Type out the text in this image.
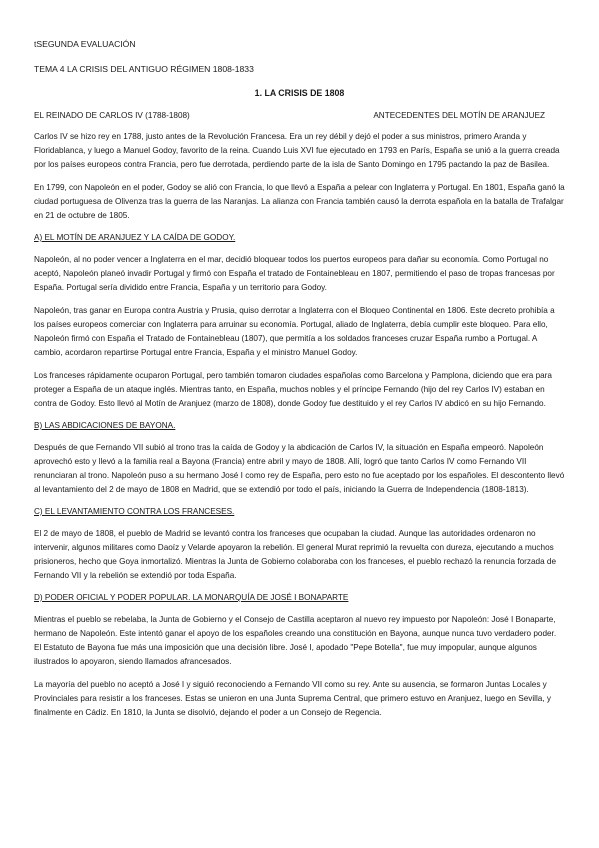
tSEGUNDA EVALUACIÓN
TEMA 4 LA CRISIS DEL ANTIGUO RÉGIMEN 1808-1833
1. LA CRISIS DE 1808
EL REINADO DE CARLOS IV (1788-1808)	ANTECEDENTES DEL MOTÍN DE ARANJUEZ

Carlos IV se hizo rey en 1788, justo antes de la Revolución Francesa. Era un rey débil y dejó el poder a sus ministros, primero Aranda y Floridablanca, y luego a Manuel Godoy, favorito de la reina. Cuando Luis XVI fue ejecutado en 1793 en París, España se unió a la guerra creada por los países europeos contra Francia, pero fue derrotada, perdiendo parte de la isla de Santo Domingo en 1795 pactando la paz de Basilea.

En 1799, con Napoleón en el poder, Godoy se alió con Francia, lo que llevó a España a pelear con Inglaterra y Portugal. En 1801, España ganó la ciudad portuguesa de Olivenza tras la guerra de las Naranjas. La alianza con Francia también causó la derrota española en la batalla de Trafalgar en 21 de octubre de 1805.

A) EL MOTÍN DE ARANJUEZ Y LA CAÍDA DE GODOY.

Napoleón, al no poder vencer a Inglaterra en el mar, decidió bloquear todos los puertos europeos para dañar su economía. Como Portugal no aceptó, Napoleón planeó invadir Portugal y firmó con España el tratado de Fontainebleau en 1807, permitiendo el paso de tropas francesas por España. Portugal sería dividido entre Francia, España y un territorio para Godoy.

Napoleón, tras ganar en Europa contra Austria y Prusia, quiso derrotar a Inglaterra con el Bloqueo Continental en 1806. Este decreto prohibía a los países europeos comerciar con Inglaterra para arruinar su economía. Portugal, aliado de Inglaterra, debía cumplir este bloqueo. Para ello, Napoleón firmó con España el Tratado de Fontainebleau (1807), que permitía a los soldados franceses cruzar España rumbo a Portugal. A cambio, acordaron repartirse Portugal entre Francia, España y el ministro Manuel Godoy.

Los franceses rápidamente ocuparon Portugal, pero también tomaron ciudades españolas como Barcelona y Pamplona, diciendo que era para proteger a España de un ataque inglés. Mientras tanto, en España, muchos nobles y el príncipe Fernando (hijo del rey Carlos IV) estaban en contra de Godoy. Esto llevó al Motín de Aranjuez (marzo de 1808), donde Godoy fue destituido y el rey Carlos IV abdicó en su hijo Fernando.

B) LAS ABDICACIONES DE BAYONA.

Después de que Fernando VII subió al trono tras la caída de Godoy y la abdicación de Carlos IV, la situación en España empeoró. Napoleón aprovechó esto y llevó a la familia real a Bayona (Francia) entre abril y mayo de 1808. Allí, logró que tanto Carlos IV como Fernando VII renunciaran al trono. Napoleón puso a su hermano José I como rey de España, pero esto no fue aceptado por los españoles. El descontento llevó al levantamiento del 2 de mayo de 1808 en Madrid, que se extendió por todo el país, iniciando la Guerra de Independencia (1808-1813).

C) EL LEVANTAMIENTO CONTRA LOS FRANCESES.

El 2 de mayo de 1808, el pueblo de Madrid se levantó contra los franceses que ocupaban la ciudad. Aunque las autoridades ordenaron no intervenir, algunos militares como Daoíz y Velarde apoyaron la rebelión. El general Murat reprimió la revuelta con dureza, ejecutando a muchos prisioneros, hecho que Goya inmortalizó. Mientras la Junta de Gobierno colaboraba con los franceses, el pueblo rechazó la renuncia forzada de Fernando VII y la rebelión se extendió por toda España.

D) PODER OFICIAL Y PODER POPULAR. LA MONARQUÍA DE JOSÉ I BONAPARTE

Mientras el pueblo se rebelaba, la Junta de Gobierno y el Consejo de Castilla aceptaron al nuevo rey impuesto por Napoleón: José I Bonaparte, hermano de Napoleón. Este intentó ganar el apoyo de los españoles creando una constitución en Bayona, aunque nunca tuvo verdadero poder. El Estatuto de Bayona fue más una imposición que una decisión libre. José I, apodado "Pepe Botella", fue muy impopular, aunque algunos ilustrados lo apoyaron, siendo llamados afrancesados.

La mayoría del pueblo no aceptó a José I y siguió reconociendo a Fernando VII como su rey. Ante su ausencia, se formaron Juntas Locales y Provinciales para resistir a los franceses. Estas se unieron en una Junta Suprema Central, que primero estuvo en Aranjuez, luego en Sevilla, y finalmente en Cádiz. En 1810, la Junta se disolvió, dejando el poder a un Consejo de Regencia.
